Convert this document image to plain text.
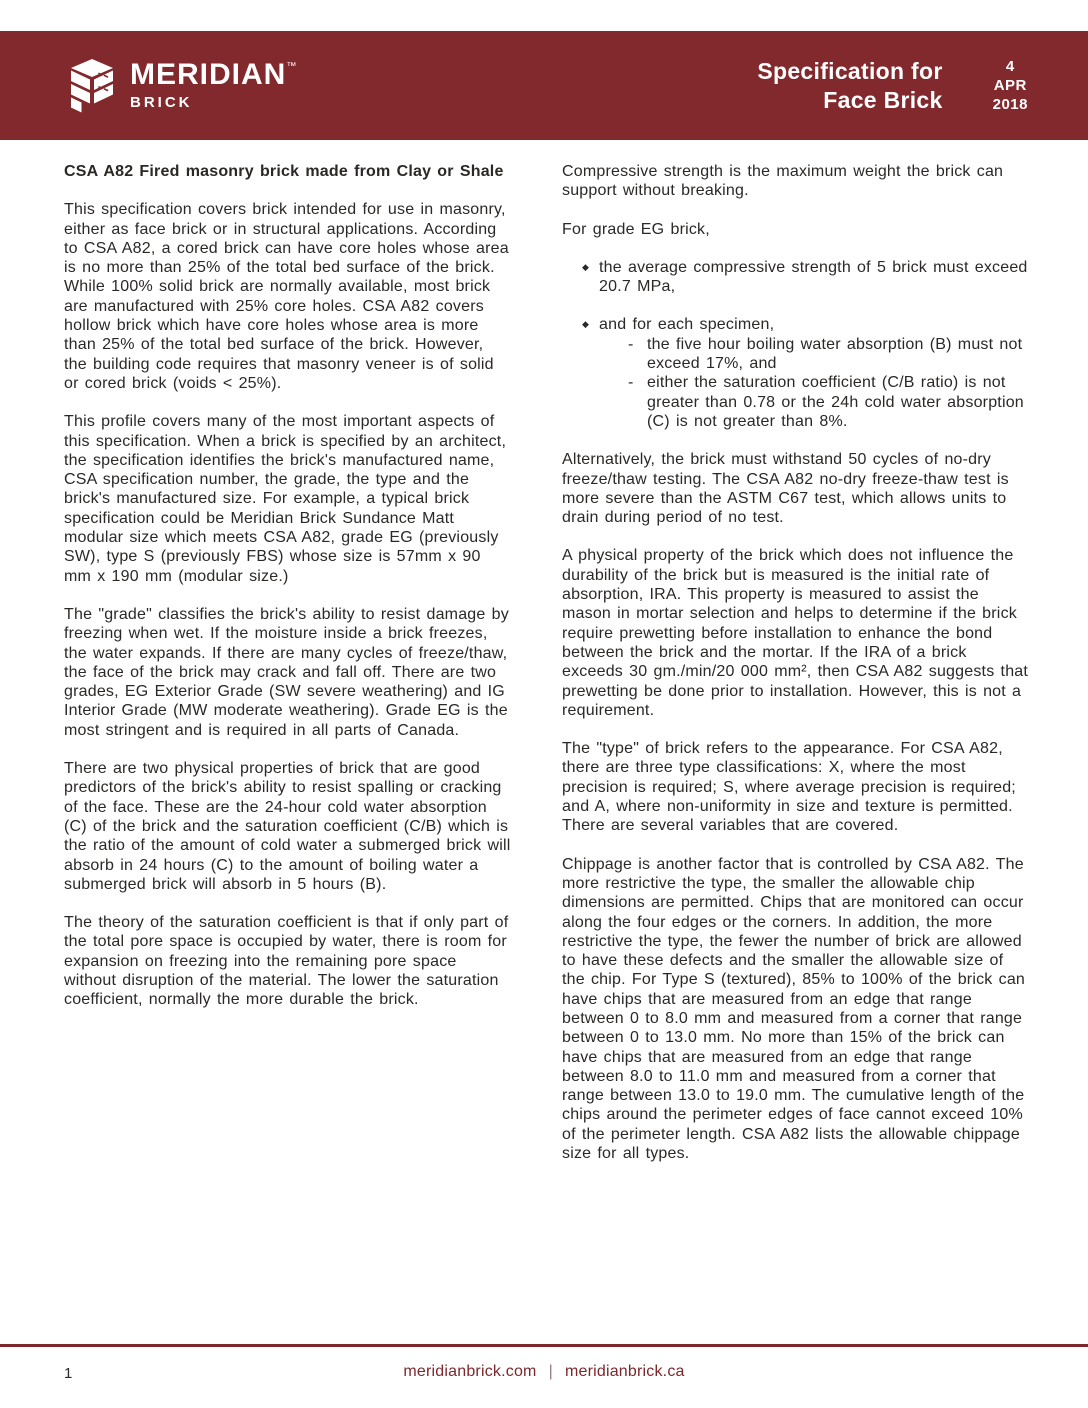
MERIDIAN ™
BRICK
Specification for
Face Brick
4
APR
2018
CSA A82 Fired masonry brick made from Clay or Shale

This specification covers brick intended for use in masonry, either as face brick or in structural applications. According to CSA A82, a cored brick can have core holes whose area is no more than 25% of the total bed surface of the brick. While 100% solid brick are normally available, most brick are manufactured with 25% core holes. CSA A82 covers hollow brick which have core holes whose area is more than 25% of the total bed surface of the brick. However, the building code requires that masonry veneer is of solid or cored brick (voids < 25%).

This profile covers many of the most important aspects of this specification. When a brick is specified by an architect, the specification identifies the brick's manufactured name, CSA specification number, the grade, the type and the brick's manufactured size. For example, a typical brick specification could be Meridian Brick Sundance Matt modular size which meets CSA A82, grade EG (previously SW), type S (previously FBS) whose size is 57mm x 90 mm x 190 mm (modular size.)

The "grade" classifies the brick's ability to resist damage by freezing when wet. If the moisture inside a brick freezes, the water expands. If there are many cycles of freeze/thaw, the face of the brick may crack and fall off. There are two grades, EG Exterior Grade (SW severe weathering) and IG Interior Grade (MW moderate weathering). Grade EG is the most stringent and is required in all parts of Canada.

There are two physical properties of brick that are good predictors of the brick's ability to resist spalling or cracking of the face. These are the 24-hour cold water absorption (C) of the brick and the saturation coefficient (C/B) which is the ratio of the amount of cold water a submerged brick will absorb in 24 hours (C) to the amount of boiling water a submerged brick will absorb in 5 hours (B).

The theory of the saturation coefficient is that if only part of the total pore space is occupied by water, there is room for expansion on freezing into the remaining pore space without disruption of the material. The lower the saturation coefficient, normally the more durable the brick.

Compressive strength is the maximum weight the brick can support without breaking.

For grade EG brick,

◆ the average compressive strength of 5 brick must exceed 20.7 MPa,
◆ and for each specimen,
- the five hour boiling water absorption (B) must not exceed 17%, and
- either the saturation coefficient (C/B ratio) is not greater than 0.78 or the 24h cold water absorption (C) is not greater than 8%.

Alternatively, the brick must withstand 50 cycles of no-dry freeze/thaw testing. The CSA A82 no-dry freeze-thaw test is more severe than the ASTM C67 test, which allows units to drain during period of no test.

A physical property of the brick which does not influence the durability of the brick but is measured is the initial rate of absorption, IRA. This property is measured to assist the mason in mortar selection and helps to determine if the brick require prewetting before installation to enhance the bond between the brick and the mortar. If the IRA of a brick exceeds 30 gm./min/20 000 mm², then CSA A82 suggests that prewetting be done prior to installation. However, this is not a requirement.

The "type" of brick refers to the appearance. For CSA A82, there are three type classifications: X, where the most precision is required; S, where average precision is required; and A, where non-uniformity in size and texture is permitted. There are several variables that are covered.

Chippage is another factor that is controlled by CSA A82. The more restrictive the type, the smaller the allowable chip dimensions are permitted. Chips that are monitored can occur along the four edges or the corners. In addition, the more restrictive the type, the fewer the number of brick are allowed to have these defects and the smaller the allowable size of the chip. For Type S (textured), 85% to 100% of the brick can have chips that are measured from an edge that range between 0 to 8.0 mm and measured from a corner that range between 0 to 13.0 mm. No more than 15% of the brick can have chips that are measured from an edge that range between 8.0 to 11.0 mm and measured from a corner that range between 13.0 to 19.0 mm. The cumulative length of the chips around the perimeter edges of face cannot exceed 10% of the perimeter length. CSA A82 lists the allowable chippage size for all types.

1	meridianbrick.com | meridianbrick.ca
